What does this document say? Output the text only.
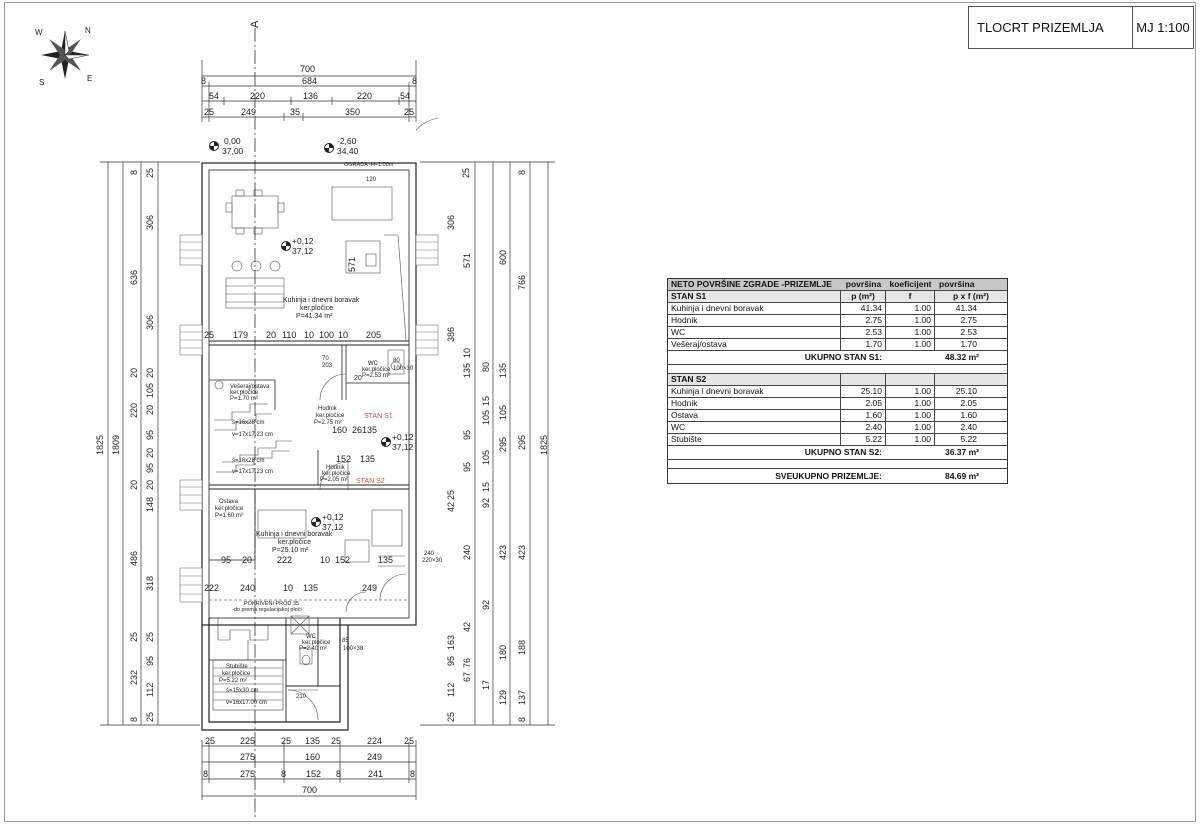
TLOCRT PRIZEMLJA	MJ 1:100
N
W
E
S
A
700
8	684	8
54	220	136	220	54
25	249	35	350	25
0,00
37,00
-2,60
34,40
1825 1809
8
636
20
220
20
486
25
232
8
25
306
306
20
105
20
95
20
95
20
148
318
25
95
112
25
1825
8
766
295
423
188
137
8
600
135
105
295
423
180
129
25
306
571
386
10
80
135
15
105
95
105
95
15
92
25
42
240
92
42
163
76
67
17
95
112
25
25	225	25 135 25	224 25
275	160	249
8	275	8 152 8	241	8
700
25 179 20 110 10 100 10 205
95 20	222	10 152	135
222 240	10 135	249
571
160 26 135
152 135
20
70
203
80
100×30
240
220×30
85
100×38
210
120
Kuhinja i dnevni boravak
ker.pločice
P=41.34 m²
WC
ker.pločice
P=2.53 m²
Hodnik
ker.pločice
P=2.75 m²
Vešeraj/ostava
ker.pločice
P=1.70 m²
Hodnik
ker.pločice
P=2.05 m²
Ostava
ker.pločice
P=1.60 m²
Kuhinja i dnevni boravak
ker.pločice
P=25.10 m²
WC
ker.pločice
P=2.40 m²
Stubište
ker.pločice
P=5.22 m²
š=16x28 cm
v=17x17.23 cm
š=16x28 cm
v=17x17.23 cm
š=15x30 cm
v=16x17.00 cm
STAN S1
STAN S2
OGRADA -H=1.00m
POKRIVENI PROD 35
-do prema regulacijskoj ploči
+0,12
37,12
+0,12
37,12
+0,12
37,12
NETO POVRŠINE ZGRADE -PRIZEMLJE	površina koeficijent površina
STAN S1	p (m²)	f	p x f (m²)
Kuhinja i dnevni boravak	41.34	1.00	41.34
Hodnik	2.75	1.00	2.75
WC	2.53	1.00	2.53
Vešeraj/ostava	1.70	1.00	1.70
UKUPNO STAN S1:	48.32 m²
STAN S2
Kuhinja i dnevni boravak	25.10	1.00	25.10
Hodnik	2.05	1.00	2.05
Ostava	1.60	1.00	1.60
WC	2.40	1.00	2.40
Stubište	5.22	1.00	5.22
UKUPNO STAN S2:	36.37 m²
SVEUKUPNO PRIZEMLJE:	84.69 m²
